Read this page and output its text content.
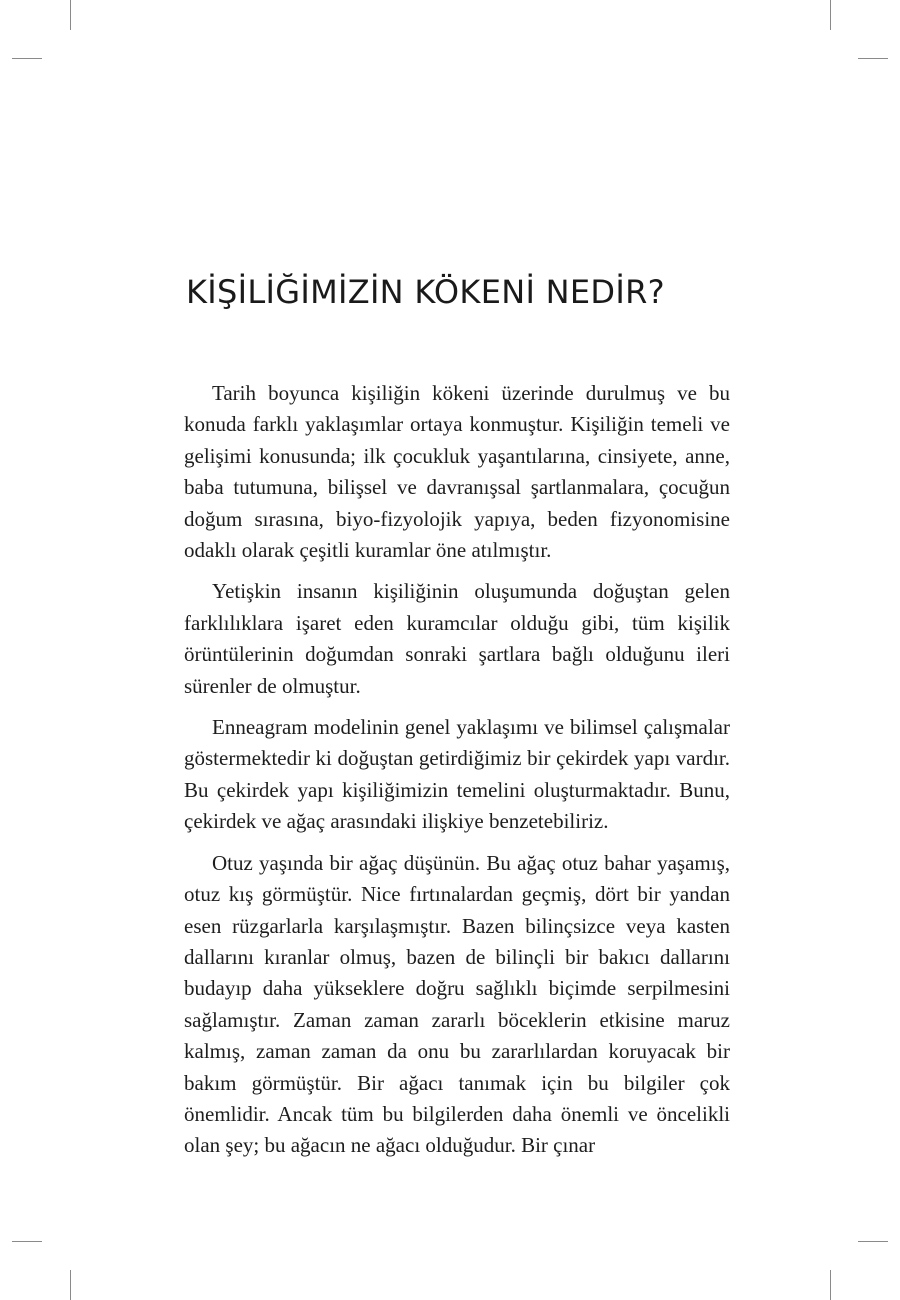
KİŞİLİĞİMİZİN KÖKENİ NEDİR?

Tarih boyunca kişiliğin kökeni üzerinde durulmuş ve bu konuda farklı yaklaşımlar ortaya konmuştur. Kişiliğin temeli ve gelişimi konusunda; ilk çocukluk yaşantılarına, cinsiyete, anne, baba tutumuna, bilişsel ve davranışsal şartlanmalara, çocuğun doğum sırasına, biyo-fizyolojik yapıya, beden fizyonomisine odaklı olarak çeşitli kuramlar öne atılmıştır.

Yetişkin insanın kişiliğinin oluşumunda doğuştan gelen farklılıklara işaret eden kuramcılar olduğu gibi, tüm kişilik örüntülerinin doğumdan sonraki şartlara bağlı olduğunu ileri sürenler de olmuştur.

Enneagram modelinin genel yaklaşımı ve bilimsel çalışmalar göstermektedir ki doğuştan getirdiğimiz bir çekirdek yapı vardır. Bu çekirdek yapı kişiliğimizin temelini oluşturmaktadır. Bunu, çekirdek ve ağaç arasındaki ilişkiye benzetebiliriz.

Otuz yaşında bir ağaç düşünün. Bu ağaç otuz bahar yaşamış, otuz kış görmüştür. Nice fırtınalardan geçmiş, dört bir yandan esen rüzgarlarla karşılaşmıştır. Bazen bilinçsizce veya kasten dallarını kıranlar olmuş, bazen de bilinçli bir bakıcı dallarını budayıp daha yükseklere doğru sağlıklı biçimde serpilmesini sağlamıştır. Zaman zaman zararlı böceklerin etkisine maruz kalmış, zaman zaman da onu bu zararlılardan koruyacak bir bakım görmüştür. Bir ağacı tanımak için bu bilgiler çok önemlidir. Ancak tüm bu bilgilerden daha önemli ve öncelikli olan şey; bu ağacın ne ağacı olduğudur. Bir çınar
